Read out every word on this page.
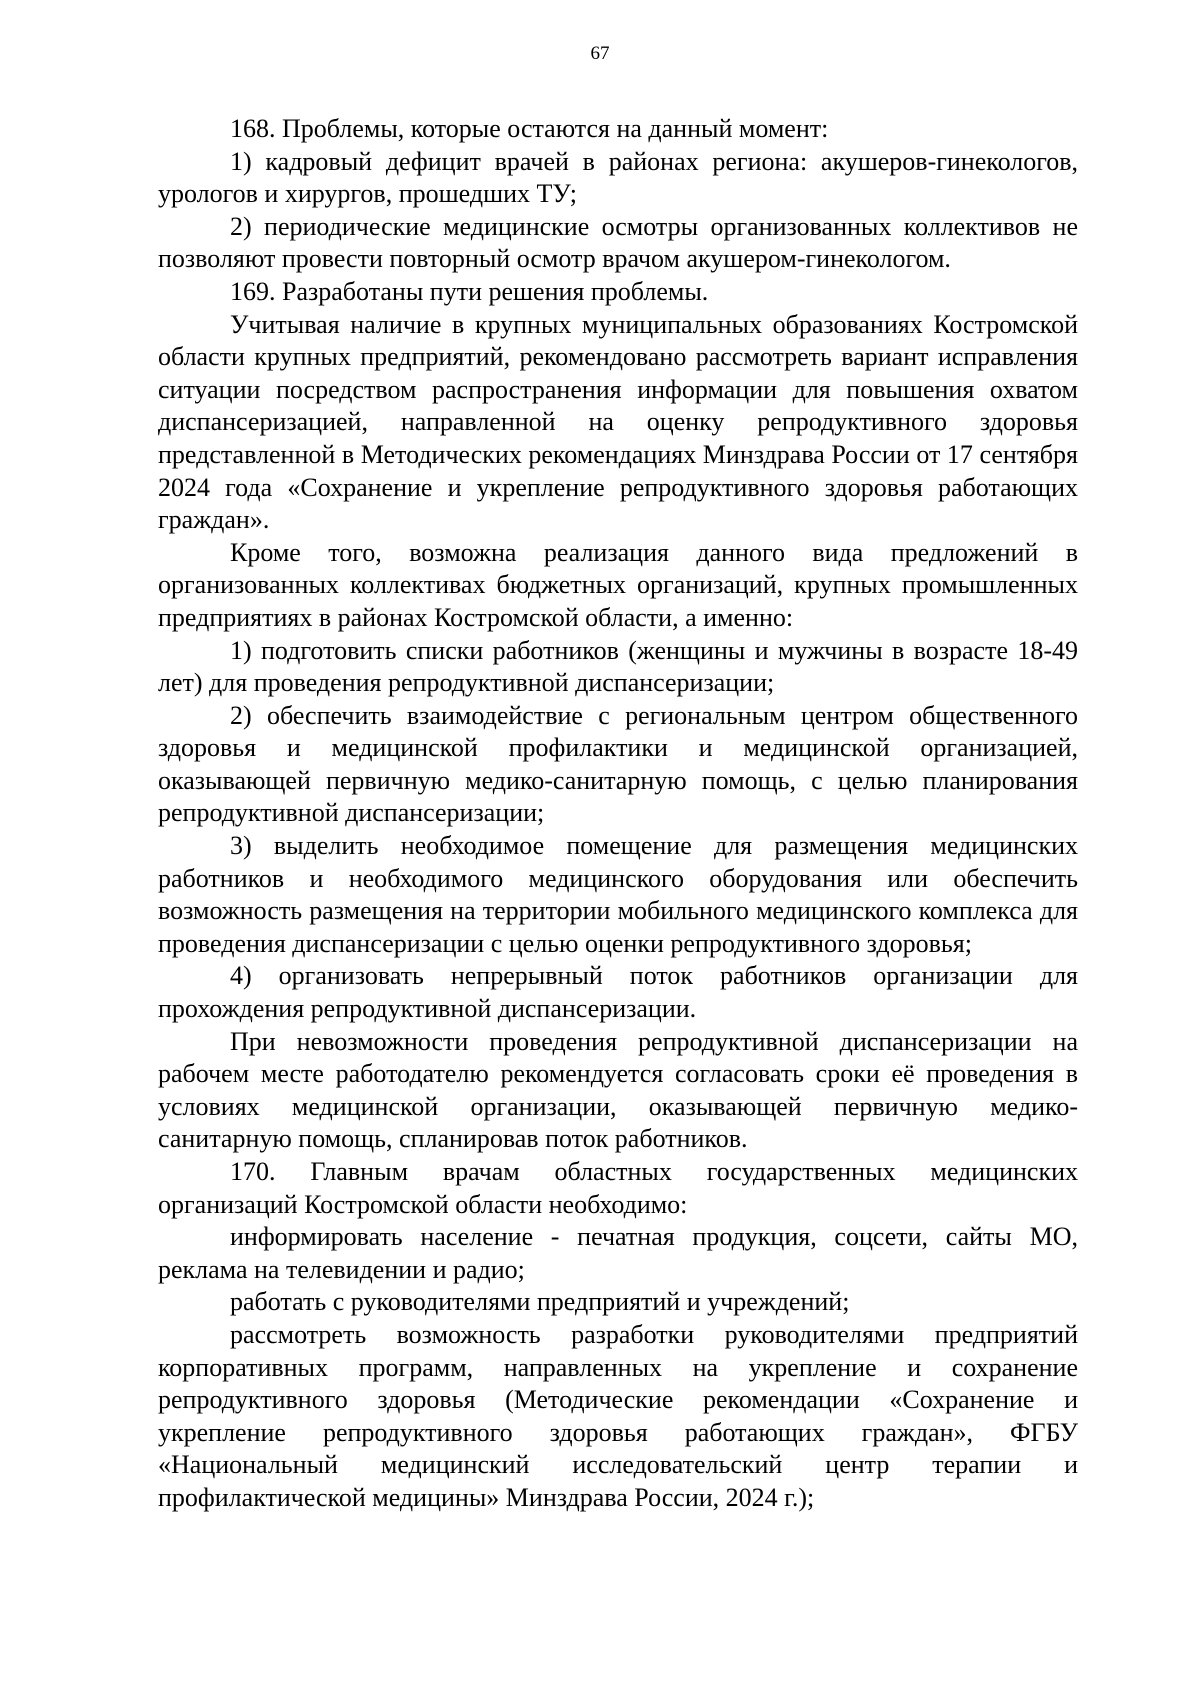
67

168. Проблемы, которые остаются на данный момент:

1) кадровый дефицит врачей в районах региона: акушеров-гинекологов, урологов и хирургов, прошедших ТУ;

2) периодические медицинские осмотры организованных коллективов не позволяют провести повторный осмотр врачом акушером-гинекологом.

169. Разработаны пути решения проблемы.

Учитывая наличие в крупных муниципальных образованиях Костромской области крупных предприятий, рекомендовано рассмотреть вариант исправления ситуации посредством распространения информации для повышения охватом диспансеризацией, направленной на оценку репродуктивного здоровья представленной в Методических рекомендациях Минздрава России от 17 сентября 2024 года «Сохранение и укрепление репродуктивного здоровья работающих граждан».

Кроме того, возможна реализация данного вида предложений в организованных коллективах бюджетных организаций, крупных промышленных предприятиях в районах Костромской области, а именно:

1) подготовить списки работников (женщины и мужчины в возрасте 18-49 лет) для проведения репродуктивной диспансеризации;

2) обеспечить взаимодействие с региональным центром общественного здоровья и медицинской профилактики и медицинской организацией, оказывающей первичную медико-санитарную помощь, с целью планирования репродуктивной диспансеризации;

3) выделить необходимое помещение для размещения медицинских работников и необходимого медицинского оборудования или обеспечить возможность размещения на территории мобильного медицинского комплекса для проведения диспансеризации с целью оценки репродуктивного здоровья;

4) организовать непрерывный поток работников организации для прохождения репродуктивной диспансеризации.

При невозможности проведения репродуктивной диспансеризации на рабочем месте работодателю рекомендуется согласовать сроки её проведения в условиях медицинской организации, оказывающей первичную медико-санитарную помощь, спланировав поток работников.

170. Главным врачам областных государственных медицинских организаций Костромской области необходимо:

информировать население - печатная продукция, соцсети, сайты МО, реклама на телевидении и радио;

работать с руководителями предприятий и учреждений;

рассмотреть возможность разработки руководителями предприятий корпоративных программ, направленных на укрепление и сохранение репродуктивного здоровья (Методические рекомендации «Сохранение и укрепление репродуктивного здоровья работающих граждан», ФГБУ «Национальный медицинский исследовательский центр терапии и профилактической медицины» Минздрава России, 2024 г.);
